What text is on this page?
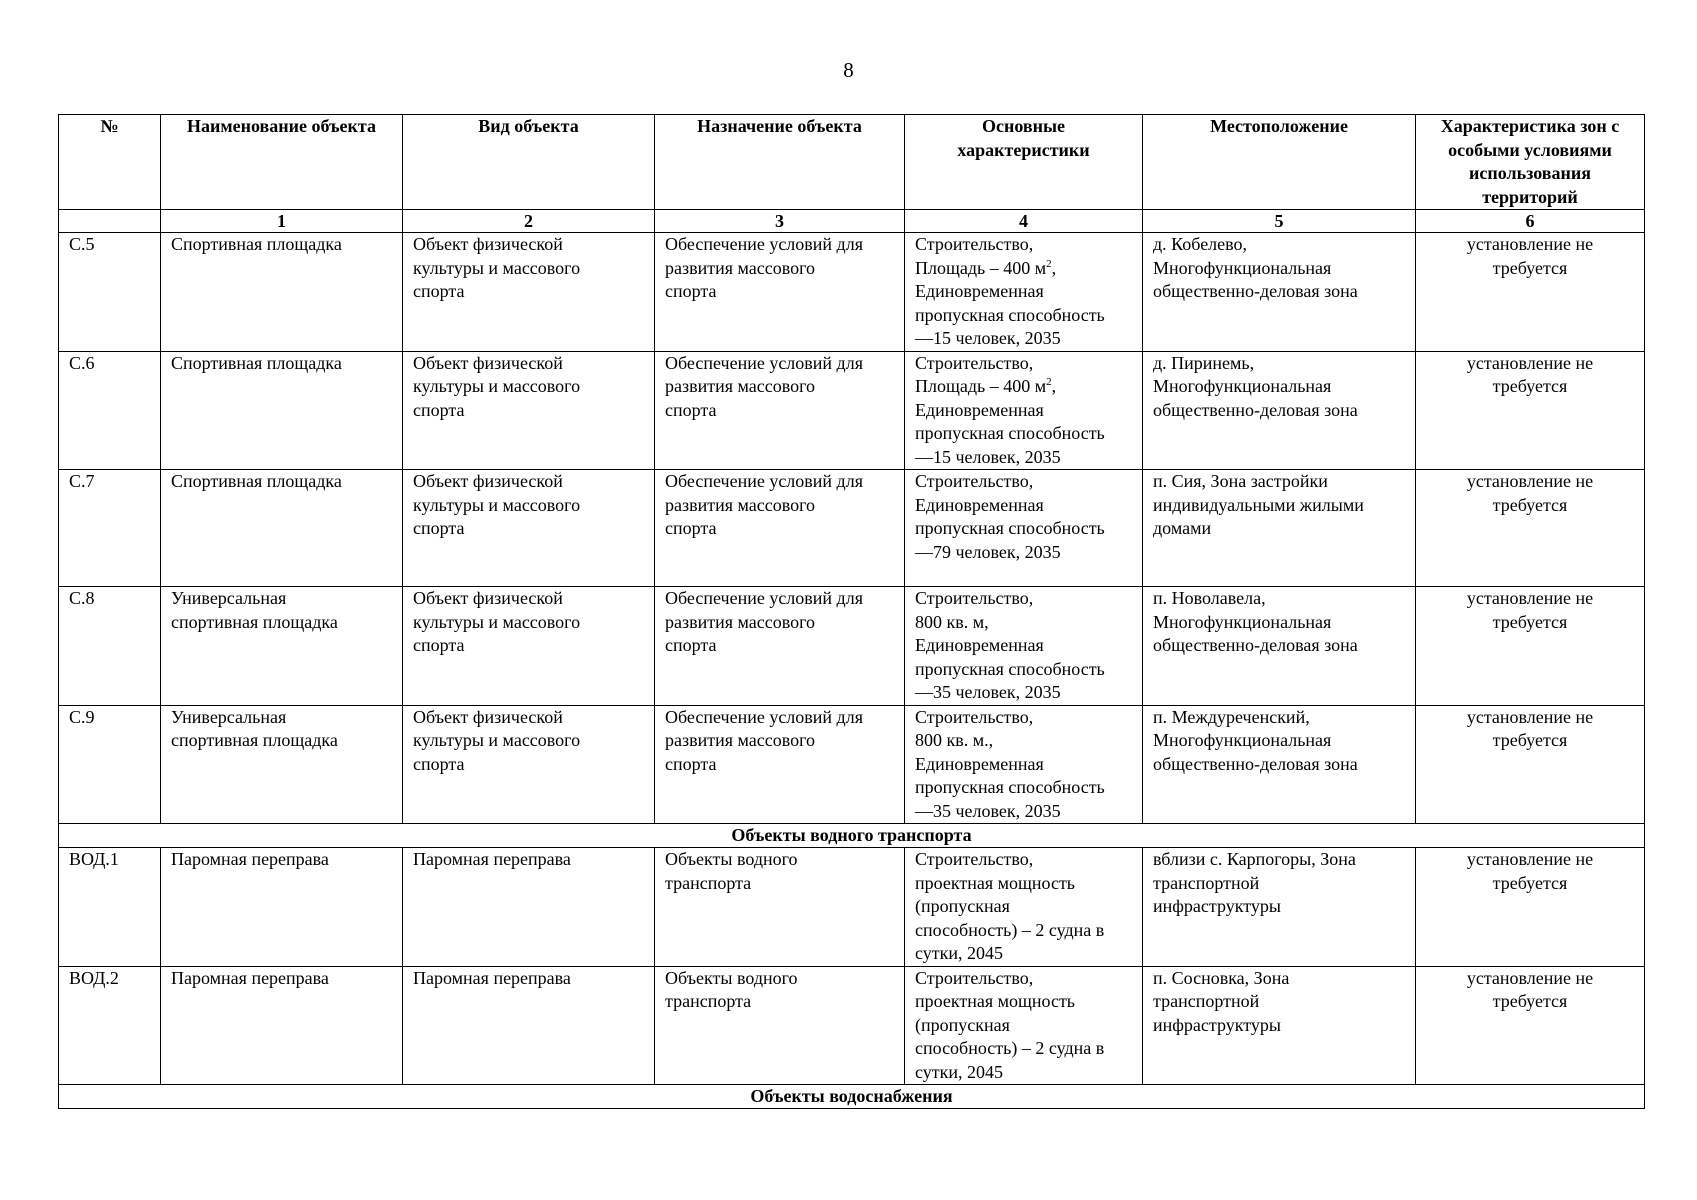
8
№	Наименование объекта	Вид объекта	Назначение объекта	Основные
характеристики	Местоположение	Характеристика зон с
особыми условиями
использования
территорий
	1	2	3	4	5	6
С.5	Спортивная площадка	Объект физической
культуры и массового
спорта	Обеспечение условий для
развития массового
спорта	Строительство,
Площадь – 400 $м^2$,
Единовременная
пропускная способность
—15 человек, 2035	д. Кобелево,
Многофункциональная
общественно-деловая зона	установление не
требуется
С.6	Спортивная площадка	Объект физической
культуры и массового
спорта	Обеспечение условий для
развития массового
спорта	Строительство,
Площадь – 400 $м^2$,
Единовременная
пропускная способность
—15 человек, 2035	д. Пиринемь,
Многофункциональная
общественно-деловая зона	установление не
требуется
С.7	Спортивная площадка	Объект физической
культуры и массового
спорта	Обеспечение условий для
развития массового
спорта	Строительство,
Единовременная
пропускная способность
—79 человек, 2035	п. Сия, Зона застройки
индивидуальными жилыми
домами	установление не
требуется
С.8	Универсальная
спортивная площадка	Объект физической
культуры и массового
спорта	Обеспечение условий для
развития массового
спорта	Строительство,
800 кв. м,
Единовременная
пропускная способность
—35 человек, 2035	п. Новолавела,
Многофункциональная
общественно-деловая зона	установление не
требуется
С.9	Универсальная
спортивная площадка	Объект физической
культуры и массового
спорта	Обеспечение условий для
развития массового
спорта	Строительство,
800 кв. м.,
Единовременная
пропускная способность
—35 человек, 2035	п. Междуреченский,
Многофункциональная
общественно-деловая зона	установление не
требуется
Объекты водного транспорта						
ВОД.1	Паромная переправа	Паромная переправа	Объекты водного
транспорта	Строительство,
проектная мощность
(пропускная
способность) – 2 судна в
сутки, 2045	вблизи с. Карпогоры, Зона
транспортной
инфраструктуры	установление не
требуется
ВОД.2	Паромная переправа	Паромная переправа	Объекты водного
транспорта	Строительство,
проектная мощность
(пропускная
способность) – 2 судна в
сутки, 2045	п. Сосновка, Зона
транспортной
инфраструктуры	установление не
требуется
Объекты водоснабжения						
